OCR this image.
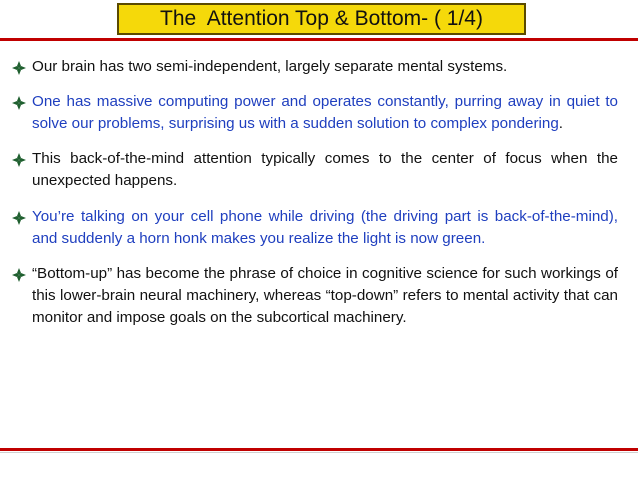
The  Attention Top & Bottom- ( 1/4)
Our brain has two semi-independent, largely separate mental systems.
One has massive computing power and operates constantly, purring away in quiet to solve our problems, surprising us with a sudden solution to complex pondering.
This back-of-the-mind attention typically comes to the center of focus when the unexpected happens.
You’re talking on your cell phone while driving (the driving part is back-of-the-mind), and suddenly a horn honk makes you realize the light is now green.
“Bottom-up” has become the phrase of choice in cognitive science for such workings of this lower-brain neural machinery, whereas “top-down” refers to mental activity that can monitor and impose goals on the subcortical machinery.
